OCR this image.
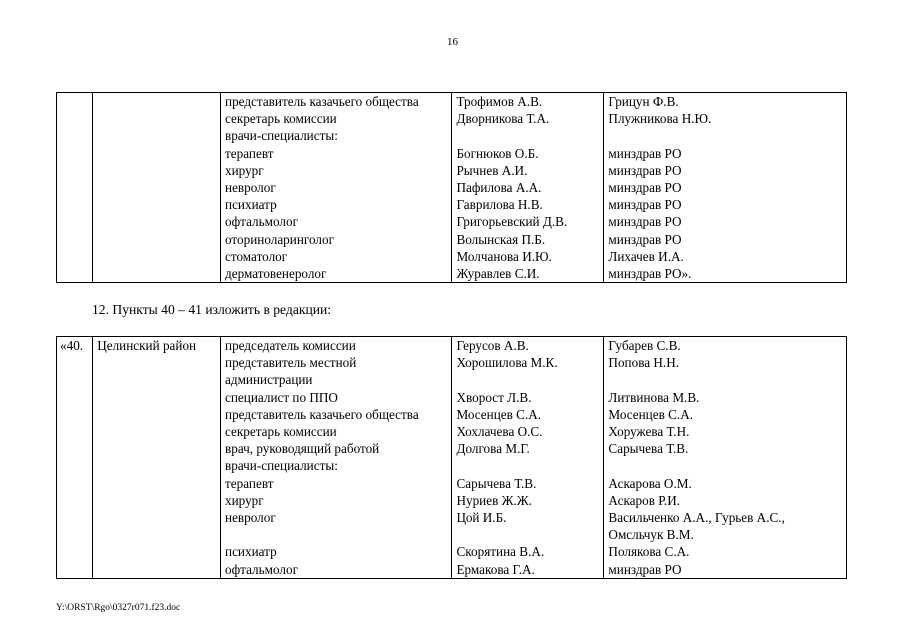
16
		представитель казачьего общества	Трофимов А.В.	Грицун Ф.В.
		секретарь комиссии	Дворникова Т.А.	Плужникова Н.Ю.
		врачи-специалисты:		
		терапевт	Богнюков О.Б.	минздрав РО
		хирург	Рычнев А.И.	минздрав РО
		невролог	Пафилова А.А.	минздрав РО
		психиатр	Гаврилова Н.В.	минздрав РО
		офтальмолог	Григорьевский Д.В.	минздрав РО
		оториноларинголог	Волынская П.Б.	минздрав РО
		стоматолог	Молчанова И.Ю.	Лихачев И.А.
		дерматовенеролог	Журавлев С.И.	минздрав РО».
12. Пункты 40 – 41 изложить в редакции:
«40.	Целинский район	председатель комиссии	Герусов А.В.	Губарев С.В.
		представитель местной	Хорошилова М.К.	Попова Н.Н.
		администрации		
		специалист по ППО	Хворост Л.В.	Литвинова М.В.
		представитель казачьего общества	Мосенцев С.А.	Мосенцев С.А.
		секретарь комиссии	Хохлачева О.С.	Хоружева Т.Н.
		врач, руководящий работой	Долгова М.Г.	Сарычева Т.В.
		врачи-специалисты:		
		терапевт	Сарычева Т.В.	Аскарова О.М.
		хирург	Нуриев Ж.Ж.	Аскаров Р.И.
		невролог	Цой И.Б.	Васильченко А.А., Гурьев А.С.,
				Омсльчук В.М.
		психиатр	Скорятина В.А.	Полякова С.А.
		офтальмолог	Ермакова Г.А.	минздрав РО
Y:\ORST\Rgo\0327r071.f23.doc
